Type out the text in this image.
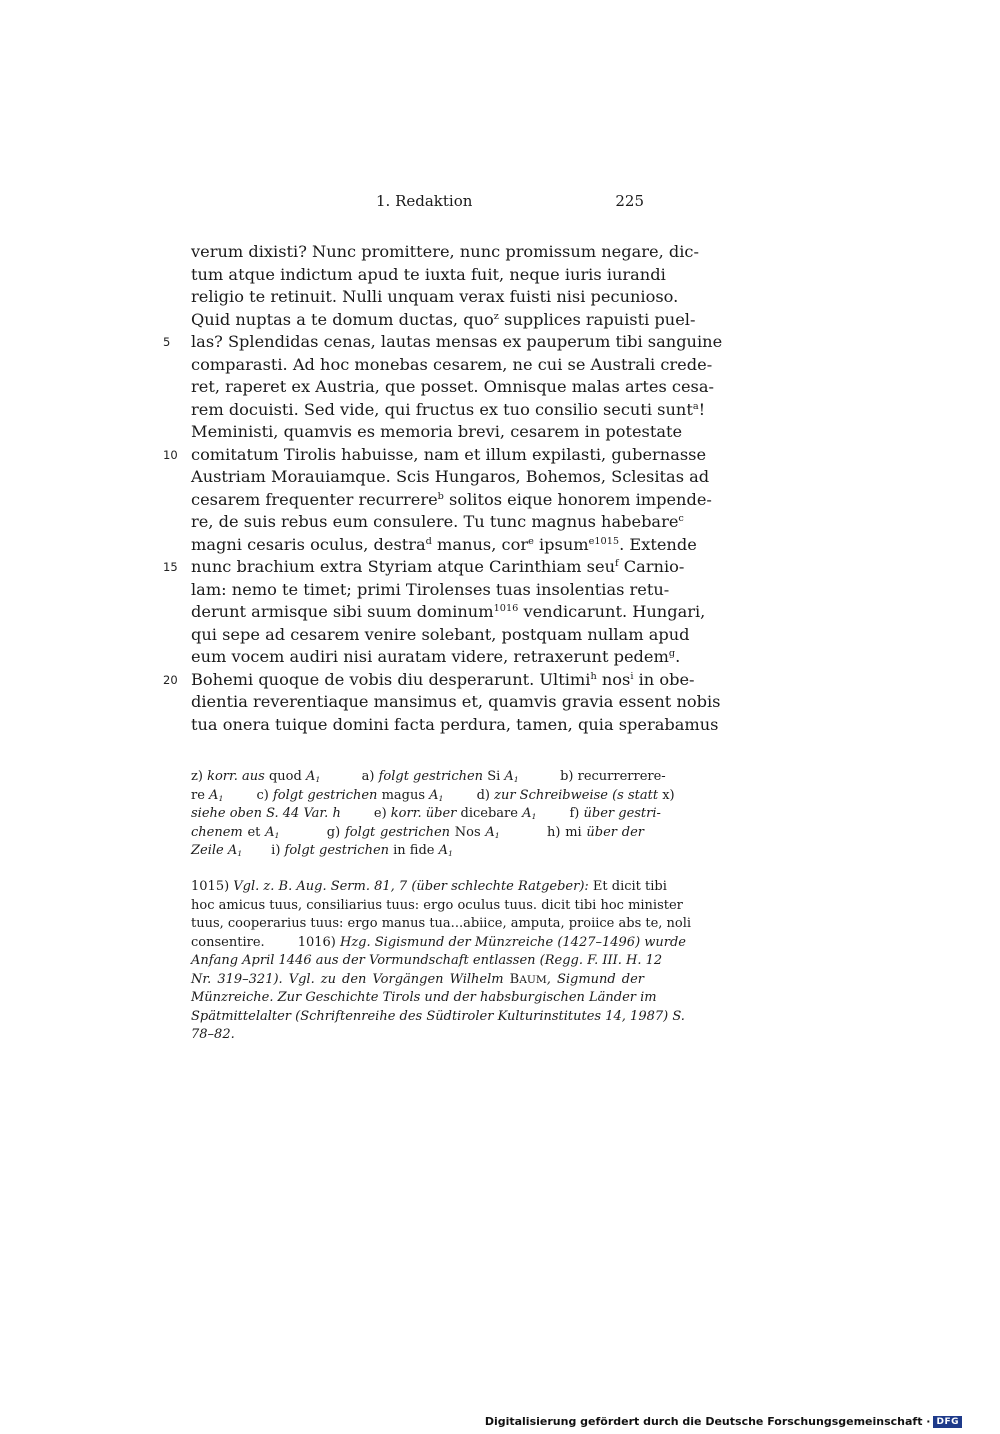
1. Redaktion	225
verum dixisti? Nunc promittere, nunc promissum negare, dic-
tum atque indictum apud te iuxta fuit, neque iuris iurandi
religio te retinuit. Nulli unquam verax fuisti nisi pecunioso.
Quid nuptas a te domum ductas, quo$^z$ supplices rapuisti puel-
las? Splendidas cenas, lautas mensas ex pauperum tibi sanguine
5
comparasti. Ad hoc monebas cesarem, ne cui se Australi crede-
ret, raperet ex Austria, que posset. Omnisque malas artes cesa-
rem docuisti. Sed vide, qui fructus ex tuo consilio secuti sunt$^a$!
Meministi, quamvis es memoria brevi, cesarem in potestate
comitatum Tirolis habuisse, nam et illum expilasti, gubernasse
10
Austriam Morauiamque. Scis Hungaros, Bohemos, Sclesitas ad
cesarem frequenter recurrere$^b$ solitos eique honorem impende-
re, de suis rebus eum consulere. Tu tunc magnus habebare$^c$
magni cesaris oculus, destra$^d$ manus, cor$^e$ ipsum$^{e1015}$. Extende
nunc brachium extra Styriam atque Carinthiam seu$^f$ Carnio-
15
lam: nemo te timet; primi Tirolenses tuas insolentias retu-
derunt armisque sibi suum dominum$^{1016}$ vendicarunt. Hungari,
qui sepe ad cesarem venire solebant, postquam nullam apud
eum vocem audiri nisi auratam videre, retraxerunt pedem$^g$.
Bohemi quoque de vobis diu desperarunt. Ultimi$^h$ nos$^i$ in obe-
20
dientia reverentiaque mansimus et, quamvis gravia essent nobis
tua onera tuique domini facta perdura, tamen, quia sperabamus
z) korr. aus quod $A_1$          a) folgt gestrichen Si $A_1$          b) recurrerrere-
re $A_1$        c) folgt gestrichen magus $A_1$        d) zur Schreibweise (s statt x)
siehe oben S. 44 Var. h        e) korr. über dicebare $A_1$        f) über gestri-
chenem et $A_1$          g) folgt gestrichen Nos $A_1$          h) mi über der
Zeile $A_1$       i) folgt gestrichen in fide $A_1$
1015) Vgl. z. B. Aug. Serm. 81, 7 (über schlechte Ratgeber): Et dicit tibi
hoc amicus tuus, consiliarius tuus: ergo oculus tuus. dicit tibi hoc minister
tuus, cooperarius tuus: ergo manus tua...abiice, amputa, proiice abs te, noli
consentire.        1016) Hzg. Sigismund der Münzreiche (1427–1496) wurde
Anfang April 1446 aus der Vormundschaft entlassen (Regg. F. III. H. 12
Nr. 319–321). Vgl. zu den Vorgängen Wilhelm BAUM, Sigmund der
Münzreiche. Zur Geschichte Tirols und der habsburgischen Länder im
Spätmittelalter (Schriftenreihe des Südtiroler Kulturinstitutes 14, 1987) S.
78–82.
Digitalisierung gefördert durch die Deutsche Forschungsgemeinschaft · DFG
